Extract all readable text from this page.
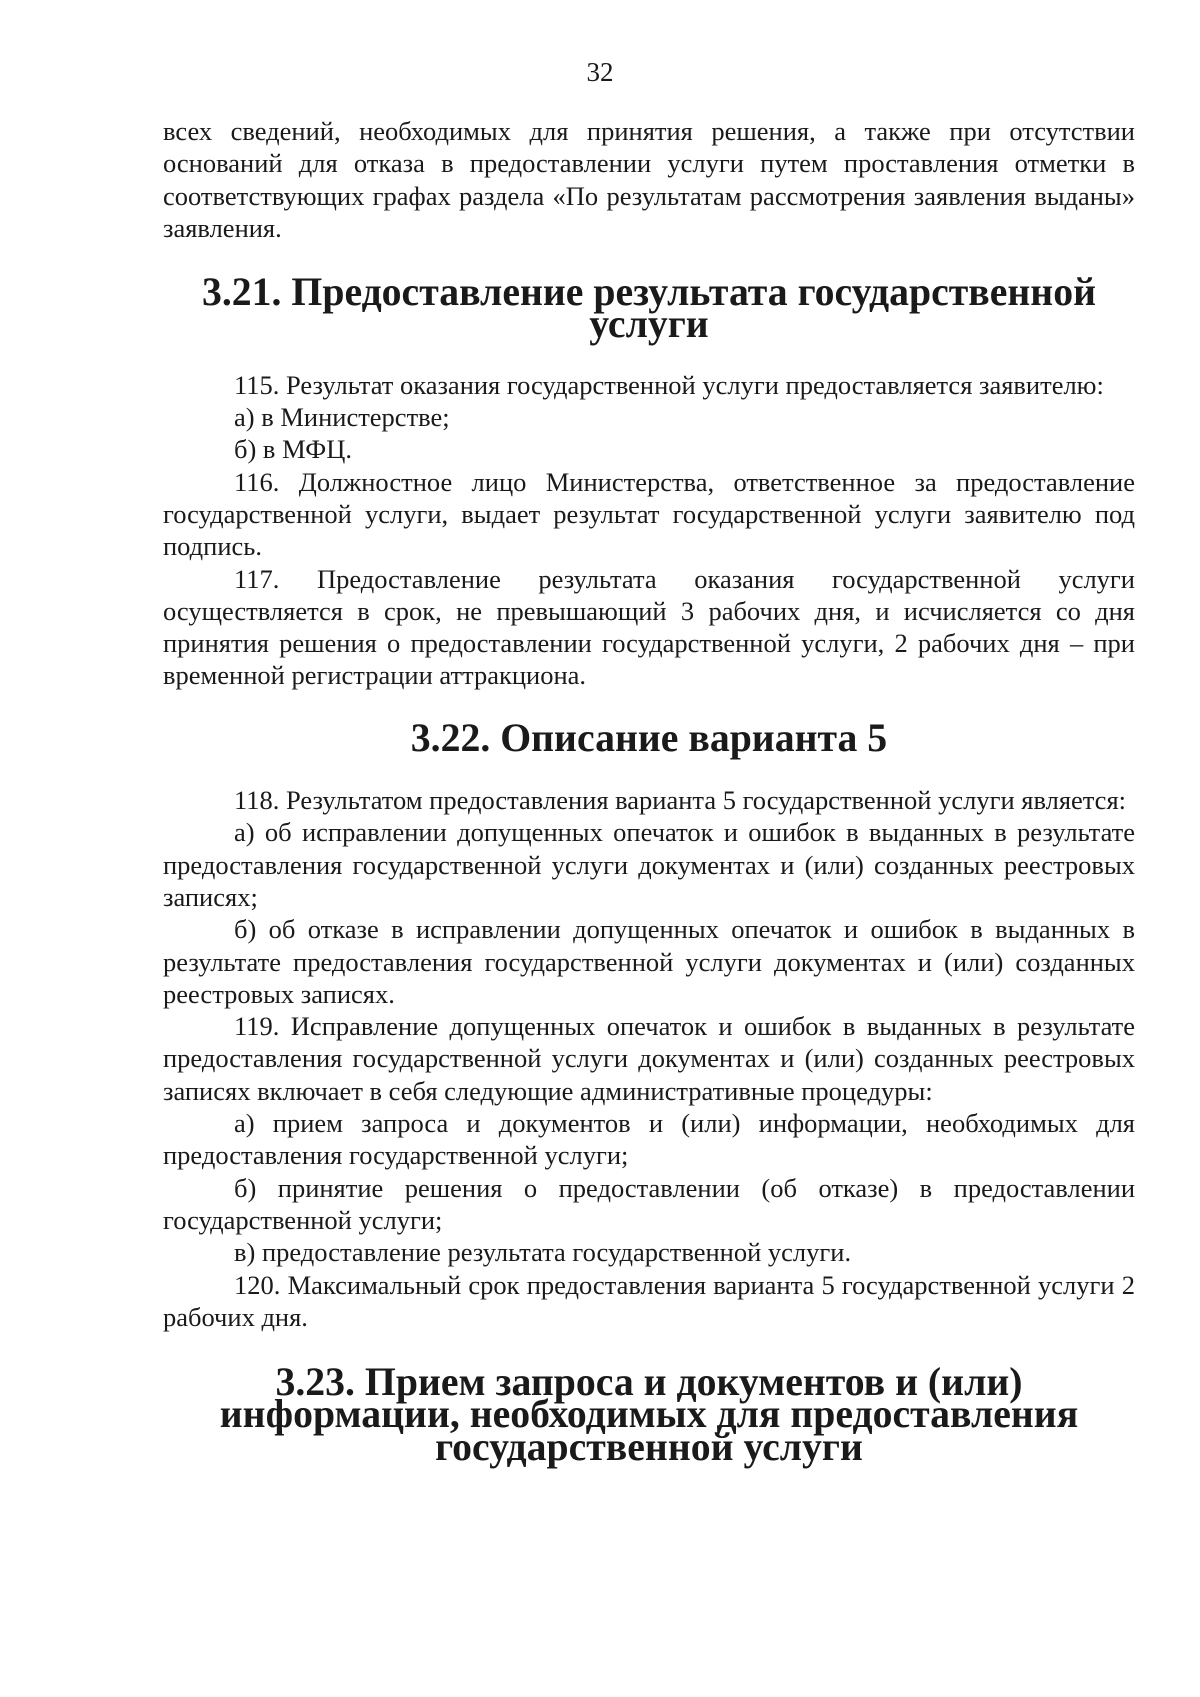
32

всех сведений, необходимых для принятия решения, а также при отсутствии оснований для отказа в предоставлении услуги путем проставления отметки в соответствующих графах раздела «По результатам рассмотрения заявления выданы» заявления.

3.21. Предоставление результата государственной услуги

115. Результат оказания государственной услуги предоставляется заявителю:

а) в Министерстве;

б) в МФЦ.

116. Должностное лицо Министерства, ответственное за предоставление государственной услуги, выдает результат государственной услуги заявителю под подпись.

117. Предоставление результата оказания государственной услуги осуществляется в срок, не превышающий 3 рабочих дня, и исчисляется со дня принятия решения о предоставлении государственной услуги, 2 рабочих дня – при временной регистрации аттракциона.

3.22. Описание варианта 5

118. Результатом предоставления варианта 5 государственной услуги является:

а) об исправлении допущенных опечаток и ошибок в выданных в результате предоставления государственной услуги документах и (или) созданных реестровых записях;

б) об отказе в исправлении допущенных опечаток и ошибок в выданных в результате предоставления государственной услуги документах и (или) созданных реестровых записях.

119. Исправление допущенных опечаток и ошибок в выданных в результате предоставления государственной услуги документах и (или) созданных реестровых записях включает в себя следующие административные процедуры:

а) прием запроса и документов и (или) информации, необходимых для предоставления государственной услуги;

б) принятие решения о предоставлении (об отказе) в предоставлении государственной услуги;

в) предоставление результата государственной услуги.

120. Максимальный срок предоставления варианта 5 государственной услуги 2 рабочих дня.

3.23. Прием запроса и документов и (или) информации, необходимых для предоставления государственной услуги
